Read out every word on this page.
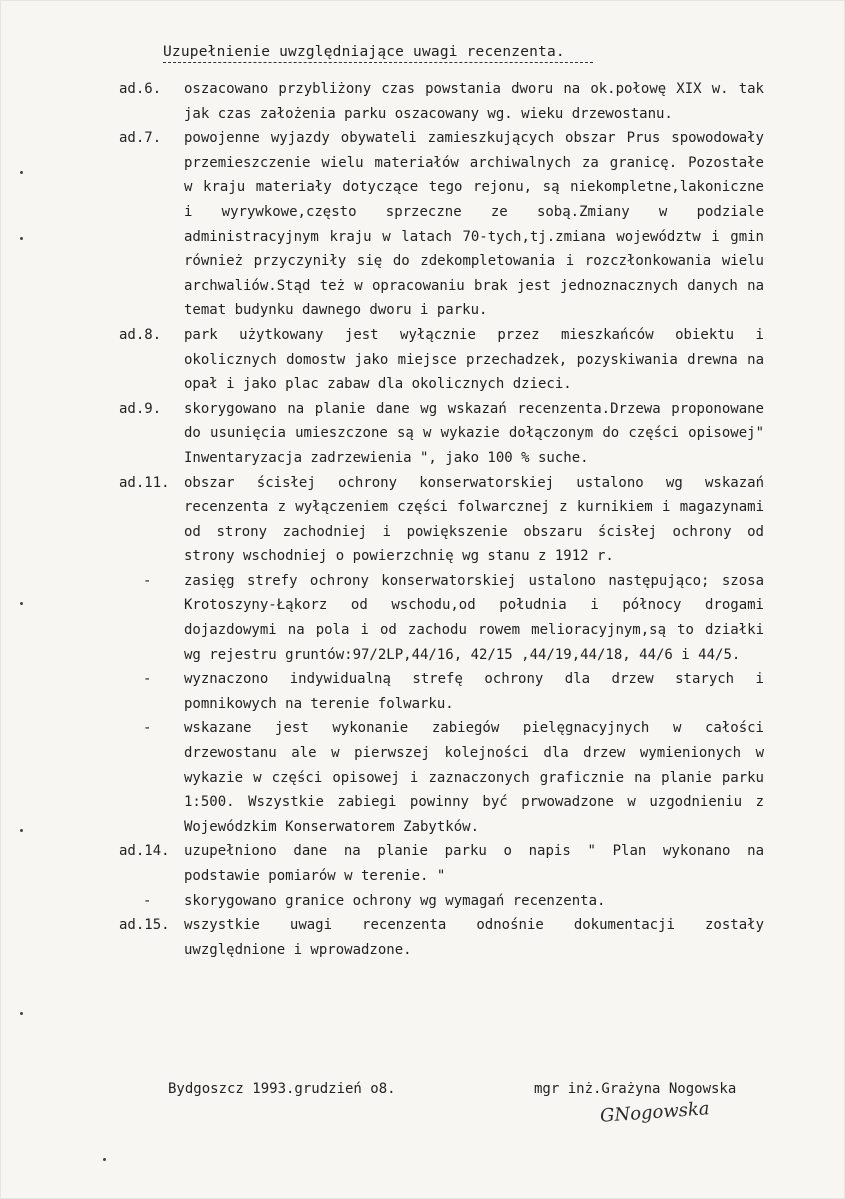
Uzupełnienie uwzględniające uwagi recenzenta.
ad.6.	oszacowano przybliżony czas powstania dworu na ok.połowę XIX w. tak jak czas założenia parku oszacowany wg. wieku drzewostanu.
ad.7.	powojenne wyjazdy obywateli zamieszkujących obszar Prus spowodowały przemieszczenie wielu materiałów archiwalnych za granicę. Pozostałe w kraju materiały dotyczące tego rejonu, są niekompletne,lakoniczne i wyrywkowe,często sprzeczne ze sobą.Zmiany w podziale administracyjnym kraju w latach 70-tych,tj.zmiana województw i gmin również przyczyniły się do zdekompletowania i rozczłonkowania wielu archwaliów.Stąd też w opracowaniu brak jest jednoznacznych danych na temat budynku dawnego dworu i parku.
ad.8.	park użytkowany jest wyłącznie przez mieszkańców obiektu i okolicznych domostw jako miejsce przechadzek, pozyskiwania drewna na opał i jako plac zabaw dla okolicznych dzieci.
ad.9.	skorygowano na planie dane wg wskazań recenzenta.Drzewa proponowane do usunięcia umieszczone są w wykazie dołączonym do części opisowej" Inwentaryzacja zadrzewienia ", jako 100 % suche.
ad.11.	obszar ścisłej ochrony konserwatorskiej ustalono wg wskazań recenzenta z wyłączeniem części folwarcznej z kurnikiem i magazynami od strony zachodniej i powiększenie obszaru ścisłej ochrony od strony wschodniej o powierzchnię wg stanu z 1912 r.
-	zasięg strefy ochrony konserwatorskiej ustalono następująco; szosa Krotoszyny-Łąkorz od wschodu,od południa i północy drogami dojazdowymi na pola i od zachodu rowem melioracyjnym,są to działki wg rejestru gruntów:97/2LP,44/16, 42/15 ,44/19,44/18, 44/6 i 44/5.
-	wyznaczono indywidualną strefę ochrony dla drzew starych i pomnikowych na terenie folwarku.
-	wskazane jest wykonanie zabiegów pielęgnacyjnych w całości drzewostanu ale w pierwszej kolejności dla drzew wymienionych w wykazie w części opisowej i zaznaczonych graficznie na planie parku 1:500. Wszystkie zabiegi powinny być prwowadzone w uzgodnieniu z Wojewódzkim Konserwatorem Zabytków.
ad.14.	uzupełniono dane na planie parku o napis " Plan wykonano na podstawie pomiarów w terenie. "
-	skorygowano granice ochrony wg wymagań recenzenta.
ad.15.	wszystkie uwagi recenzenta odnośnie dokumentacji zostały uwzględnione i wprowadzone.
Bydgoszcz 1993.grudzień o8.	mgr inż.Grażyna Nogowska
GNogowska
